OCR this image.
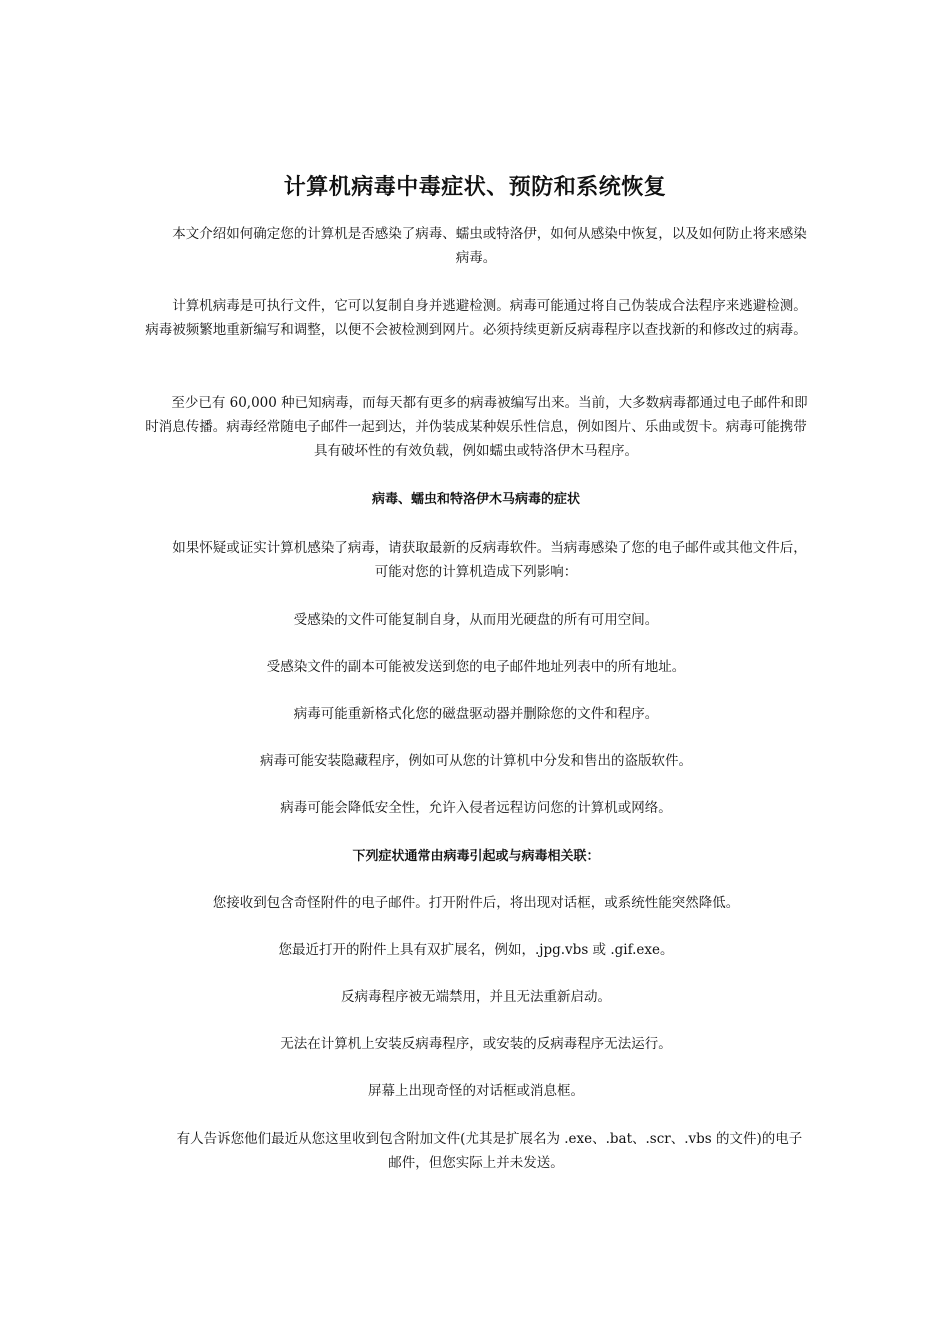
计算机病毒中毒症状、预防和系统恢复
本文介绍如何确定您的计算机是否感染了病毒、蠕虫或特洛伊，如何从感染中恢复，以及如何防止将来感染病毒。
计算机病毒是可执行文件，它可以复制自身并逃避检测。病毒可能通过将自己伪装成合法程序来逃避检测。病毒被频繁地重新编写和调整，以便不会被检测到网片。必须持续更新反病毒程序以查找新的和修改过的病毒。
至少已有 60,000 种已知病毒，而每天都有更多的病毒被编写出来。当前，大多数病毒都通过电子邮件和即时消息传播。病毒经常随电子邮件一起到达，并伪装成某种娱乐性信息，例如图片、乐曲或贺卡。病毒可能携带具有破坏性的有效负载，例如蠕虫或特洛伊木马程序。
病毒、蠕虫和特洛伊木马病毒的症状
如果怀疑或证实计算机感染了病毒，请获取最新的反病毒软件。当病毒感染了您的电子邮件或其他文件后，可能对您的计算机造成下列影响：
受感染的文件可能复制自身，从而用光硬盘的所有可用空间。
受感染文件的副本可能被发送到您的电子邮件地址列表中的所有地址。
病毒可能重新格式化您的磁盘驱动器并删除您的文件和程序。
病毒可能安装隐藏程序，例如可从您的计算机中分发和售出的盗版软件。
病毒可能会降低安全性，允许入侵者远程访问您的计算机或网络。
下列症状通常由病毒引起或与病毒相关联：
您接收到包含奇怪附件的电子邮件。打开附件后，将出现对话框，或系统性能突然降低。
您最近打开的附件上具有双扩展名，例如，.jpg.vbs 或 .gif.exe。
反病毒程序被无端禁用，并且无法重新启动。
无法在计算机上安装反病毒程序，或安装的反病毒程序无法运行。
屏幕上出现奇怪的对话框或消息框。
有人告诉您他们最近从您这里收到包含附加文件(尤其是扩展名为 .exe、.bat、.scr、.vbs 的文件)的电子邮件，但您实际上并未发送。
